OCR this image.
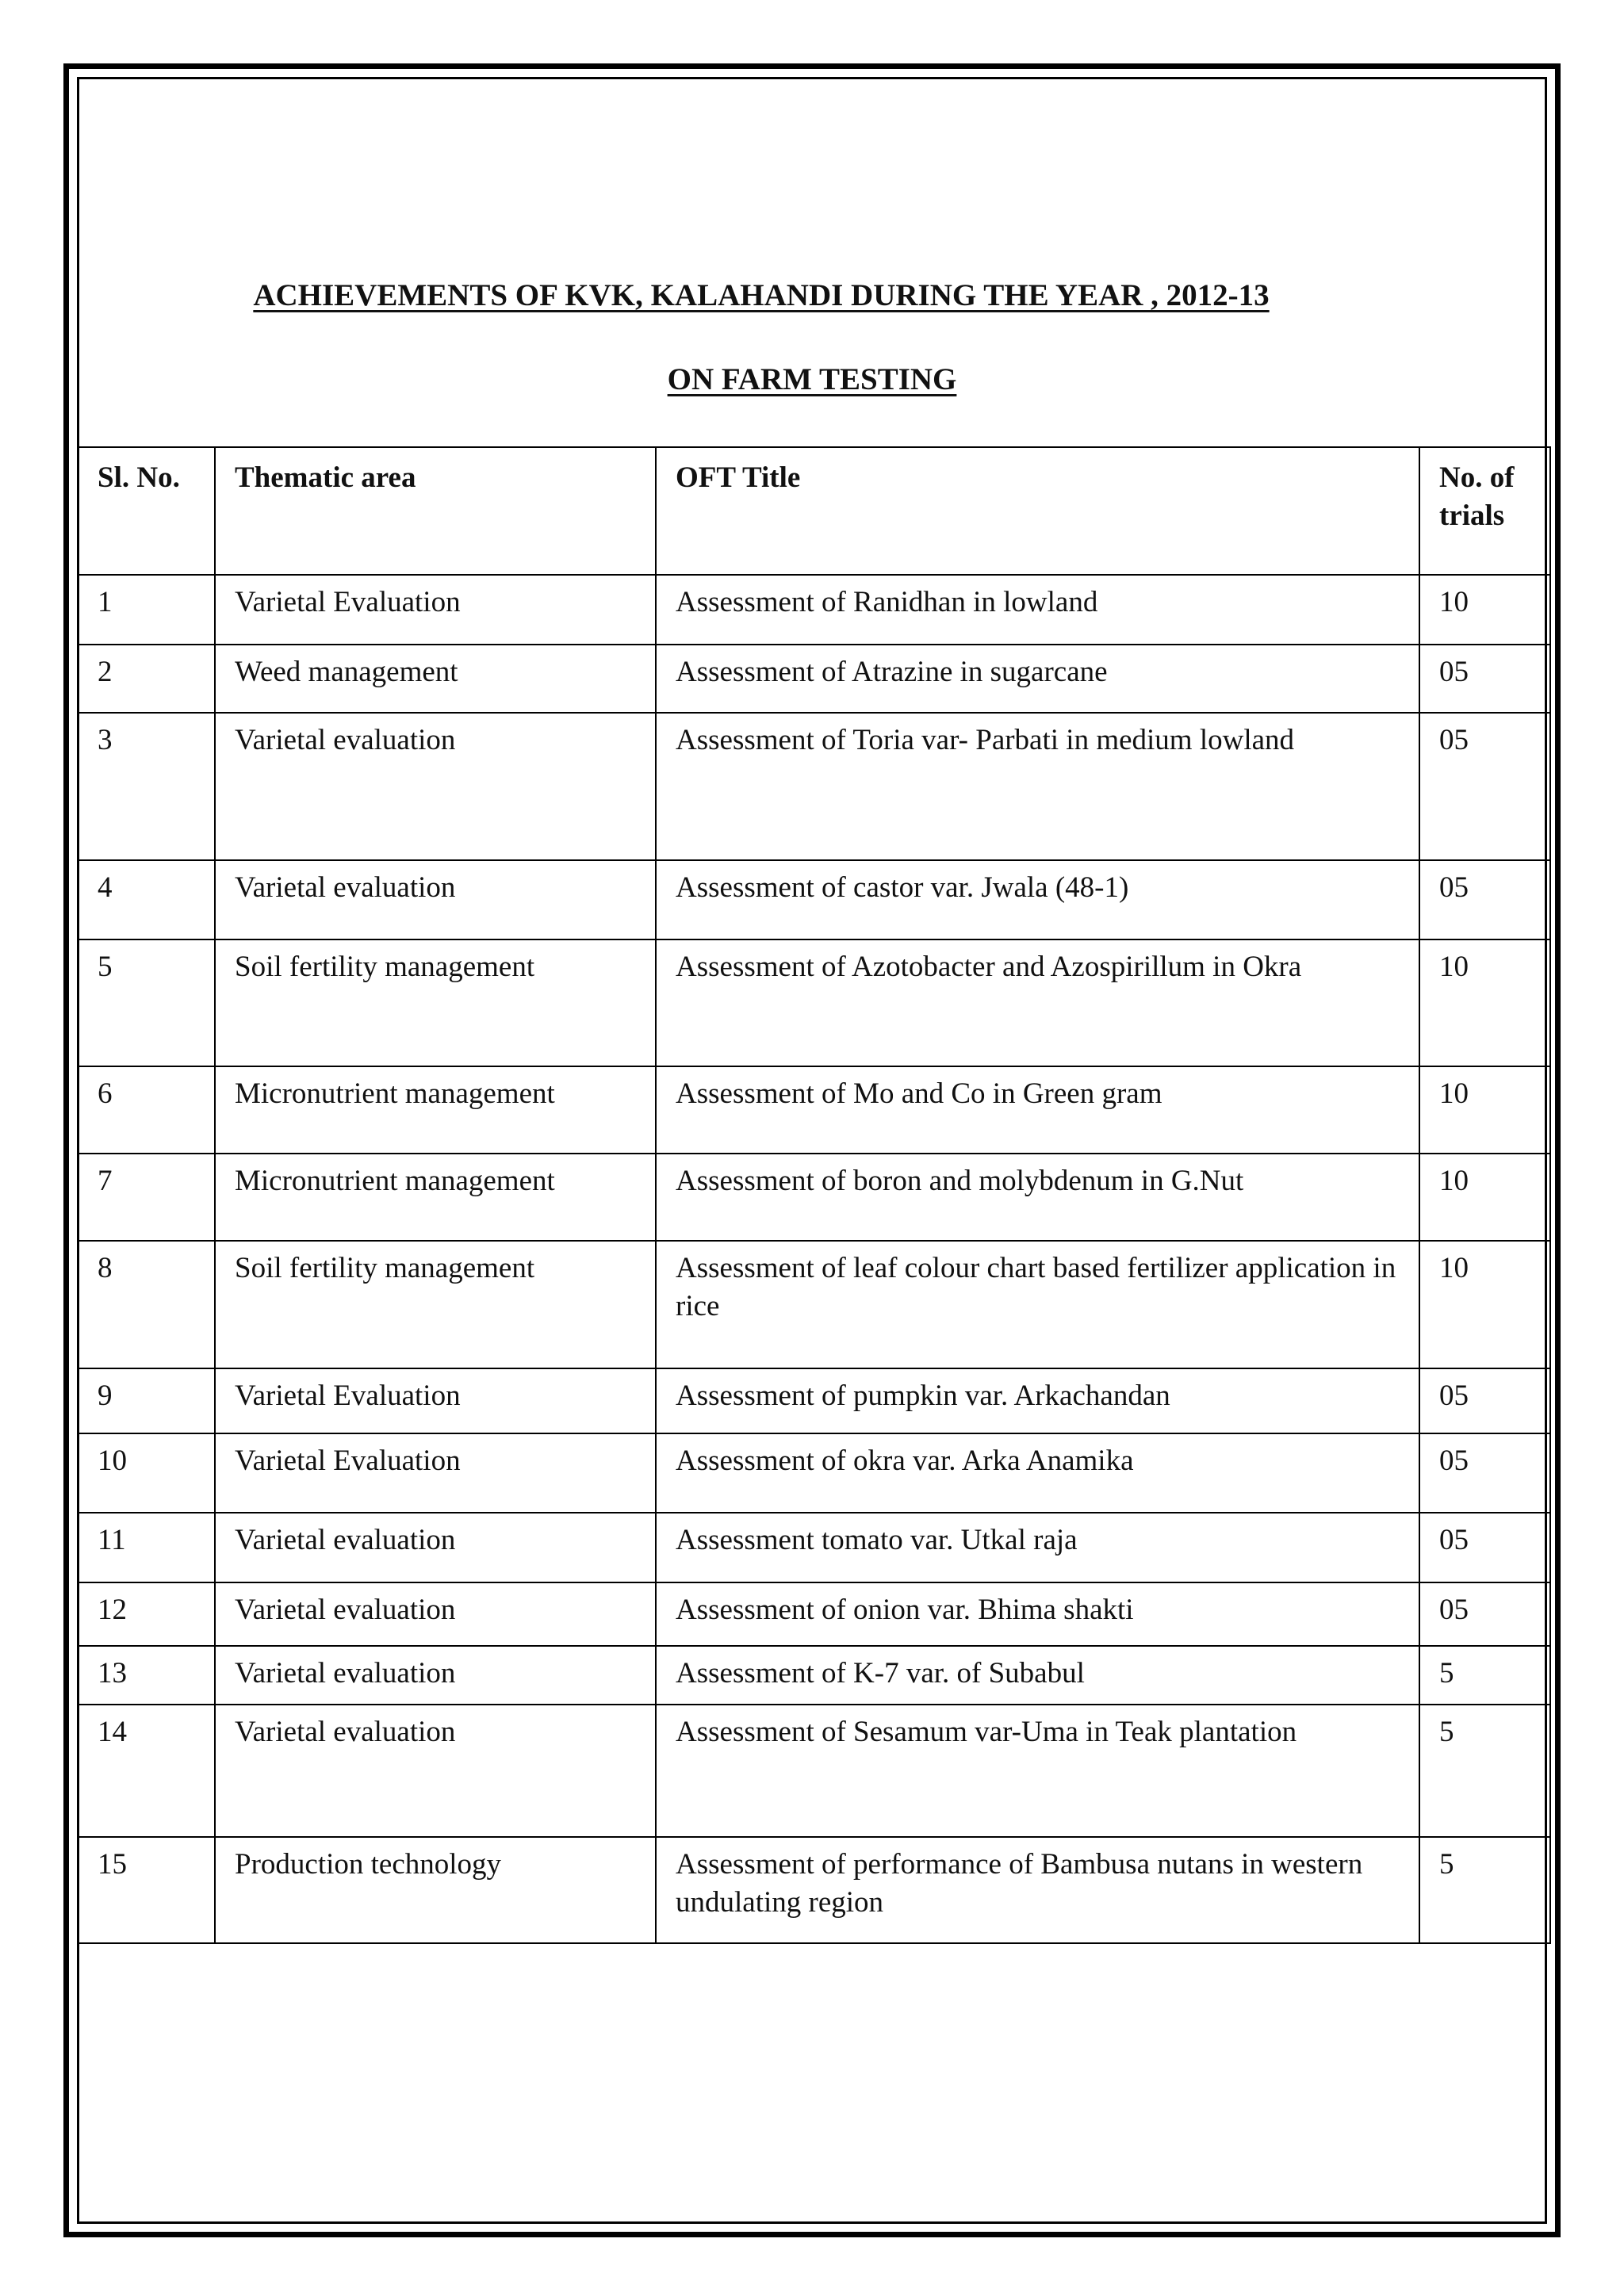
ACHIEVEMENTS OF KVK, KALAHANDI DURING THE YEAR , 2012-13
ON FARM TESTING
Sl. No.	Thematic area	OFT Title	No. of trials
1	Varietal Evaluation	Assessment of Ranidhan in lowland	10
2	Weed management	Assessment of Atrazine in sugarcane	05
3	Varietal evaluation	Assessment of Toria var- Parbati in medium lowland	05
4	Varietal evaluation	Assessment of castor var. Jwala (48-1)	05
5	Soil fertility management	Assessment of Azotobacter and Azospirillum in Okra	10
6	Micronutrient management	Assessment of Mo and Co in Green gram	10
7	Micronutrient management	Assessment of boron and molybdenum in G.Nut	10
8	Soil fertility management	Assessment of leaf colour chart based fertilizer application in rice	10
9	Varietal Evaluation	Assessment of pumpkin var. Arkachandan	05
10	Varietal Evaluation	Assessment of okra var. Arka Anamika	05
11	Varietal evaluation	Assessment tomato var. Utkal raja	05
12	Varietal evaluation	Assessment of onion var. Bhima shakti	05
13	Varietal evaluation	Assessment of K-7 var. of Subabul	5
14	Varietal evaluation	Assessment of Sesamum var-Uma in Teak plantation	5
15	Production technology	Assessment of performance of Bambusa nutans in western undulating region	5
